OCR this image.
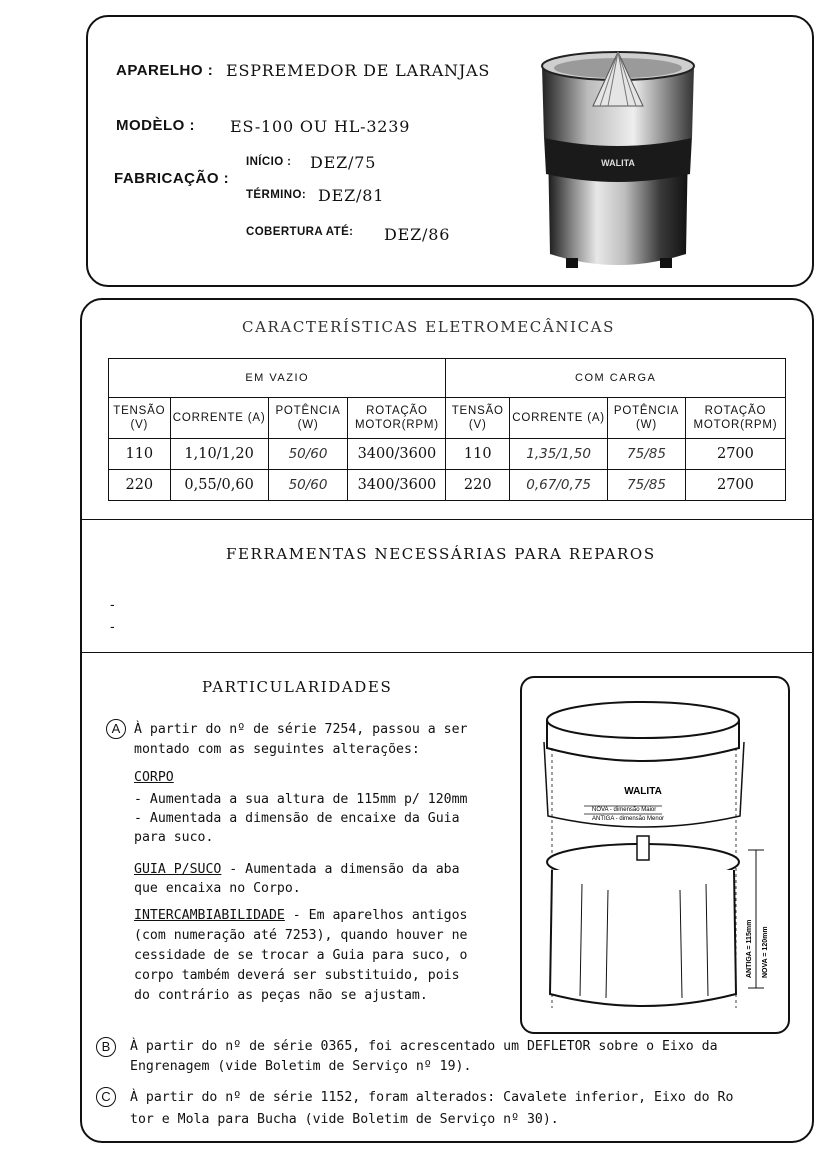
APARELHO : ESPREMEDOR DE LARANJAS
MODÈLO : ES-100 OU HL-3239
FABRICAÇÃO :
INÍCIO : DEZ/75
TÉRMINO: DEZ/81
COBERTURA ATÉ: DEZ/86
WALITA
CARACTERÍSTICAS ELETROMECÂNICAS
EM VAZIO				COM CARGA			
TENSÃO (V)	CORRENTE (A)	POTÊNCIA (W)	ROTAÇÃO MOTOR(RPM)	TENSÃO (V)	CORRENTE (A)	POTÊNCIA (W)	ROTAÇÃO MOTOR(RPM)
110	1,10/1,20	50/60	3400/3600	110	1,35/1,50	75/85	2700
220	0,55/0,60	50/60	3400/3600	220	0,67/0,75	75/85	2700
FERRAMENTAS NECESSÁRIAS PARA REPAROS
-
-
PARTICULARIDADES
A	À partir do nº de série 7254, passou a ser
montado com as seguintes alterações:
CORPO
- Aumentada a sua altura de 115mm p/ 120mm
- Aumentada a dimensão de encaixe da Guia
para suco.
GUIA P/SUCO - Aumentada a dimensão da aba
que encaixa no Corpo.
INTERCAMBIABILIDADE - Em aparelhos antigos
(com numeração até 7253), quando houver ne
cessidade de se trocar a Guia para suco, o
corpo também deverá ser substituido, pois
do contrário as peças não se ajustam.
WALITA
NOVA - dimensão Maior
ANTIGA - dimensão Menor
ANTIGA = 115mm NOVA = 120mm
B	À partir do nº de série 0365, foi acrescentado um DEFLETOR sobre o Eixo da
Engrenagem (vide Boletim de Serviço nº 19).
C	À partir do nº de série 1152, foram alterados: Cavalete inferior, Eixo do Ro
tor e Mola para Bucha (vide Boletim de Serviço nº 30).
